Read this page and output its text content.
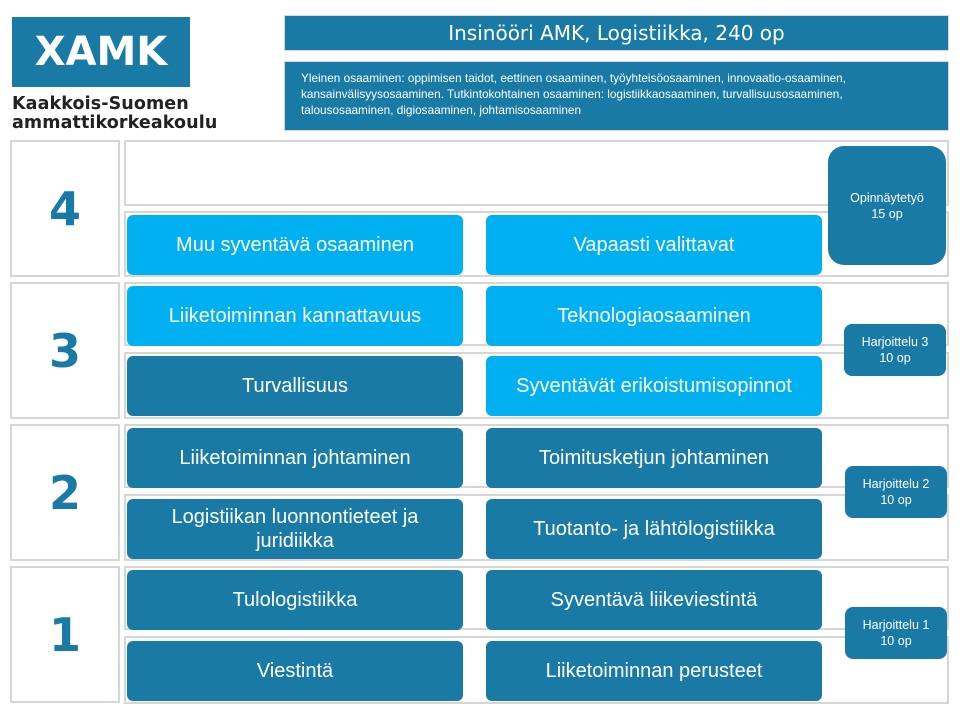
XAMK
Kaakkois-Suomen
ammattikorkeakoulu
Insinööri AMK, Logistiikka, 240 op
Yleinen osaaminen: oppimisen taidot, eettinen osaaminen, työyhteisöosaaminen, innovaatio-osaaminen, kansainvälisyysosaaminen. Tutkintokohtainen osaaminen: logistiikkaosaaminen, turvallisuusosaaminen, talousosaaminen, digiosaaminen, johtamisosaaminen
4
3
2
1
Muu syventävä osaaminen	Vapaasti valittavat
Opinnäytetyö
15 op
Liiketoiminnan kannattavuus	Teknologiaosaaminen
Turvallisuus	Syventävät erikoistumisopinnot
Harjoittelu 3
10 op
Liiketoiminnan johtaminen	Toimitusketjun johtaminen
Logistiikan luonnontieteet ja juridiikka
Tuotanto- ja lähtölogistiikka
Harjoittelu 2
10 op
Tulologistiikka	Syventävä liikeviestintä
Viestintä	Liiketoiminnan perusteet
Harjoittelu 1
10 op
